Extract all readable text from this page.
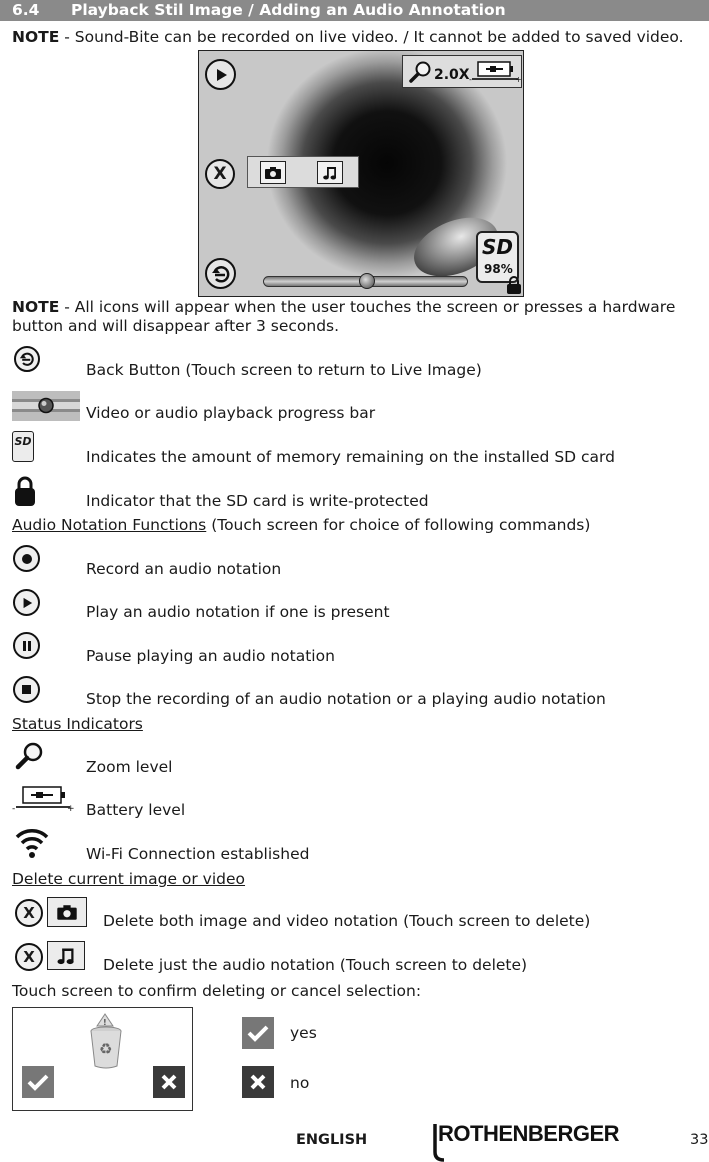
6.4 Playback Stil Image / Adding an Audio Annotation
NOTE - Sound-Bite can be recorded on live video. / It cannot be added to saved video.
2.0X -	+
X
SD
98%
NOTE - All icons will appear when the user touches the screen or presses a hardware button and will disappear after 3 seconds.
Back Button (Touch screen to return to Live Image)
Video or audio playback progress bar
SD
Indicates the amount of memory remaining on the installed SD card
Indicator that the SD card is write-protected
Audio Notation Functions (Touch screen for choice of following commands)
Record an audio notation
Play an audio notation if one is present
Pause playing an audio notation
Stop the recording of an audio notation or a playing audio notation
Status Indicators
Zoom level
-	+ Battery level
Wi-Fi Connection established
Delete current image or video
X	Delete both image and video notation (Touch screen to delete)
X	Delete just the audio notation (Touch screen to delete)
Touch screen to confirm deleting or cancel selection:
!
♻
yes
no
ENGLISH	ROTHENBERGER	33
